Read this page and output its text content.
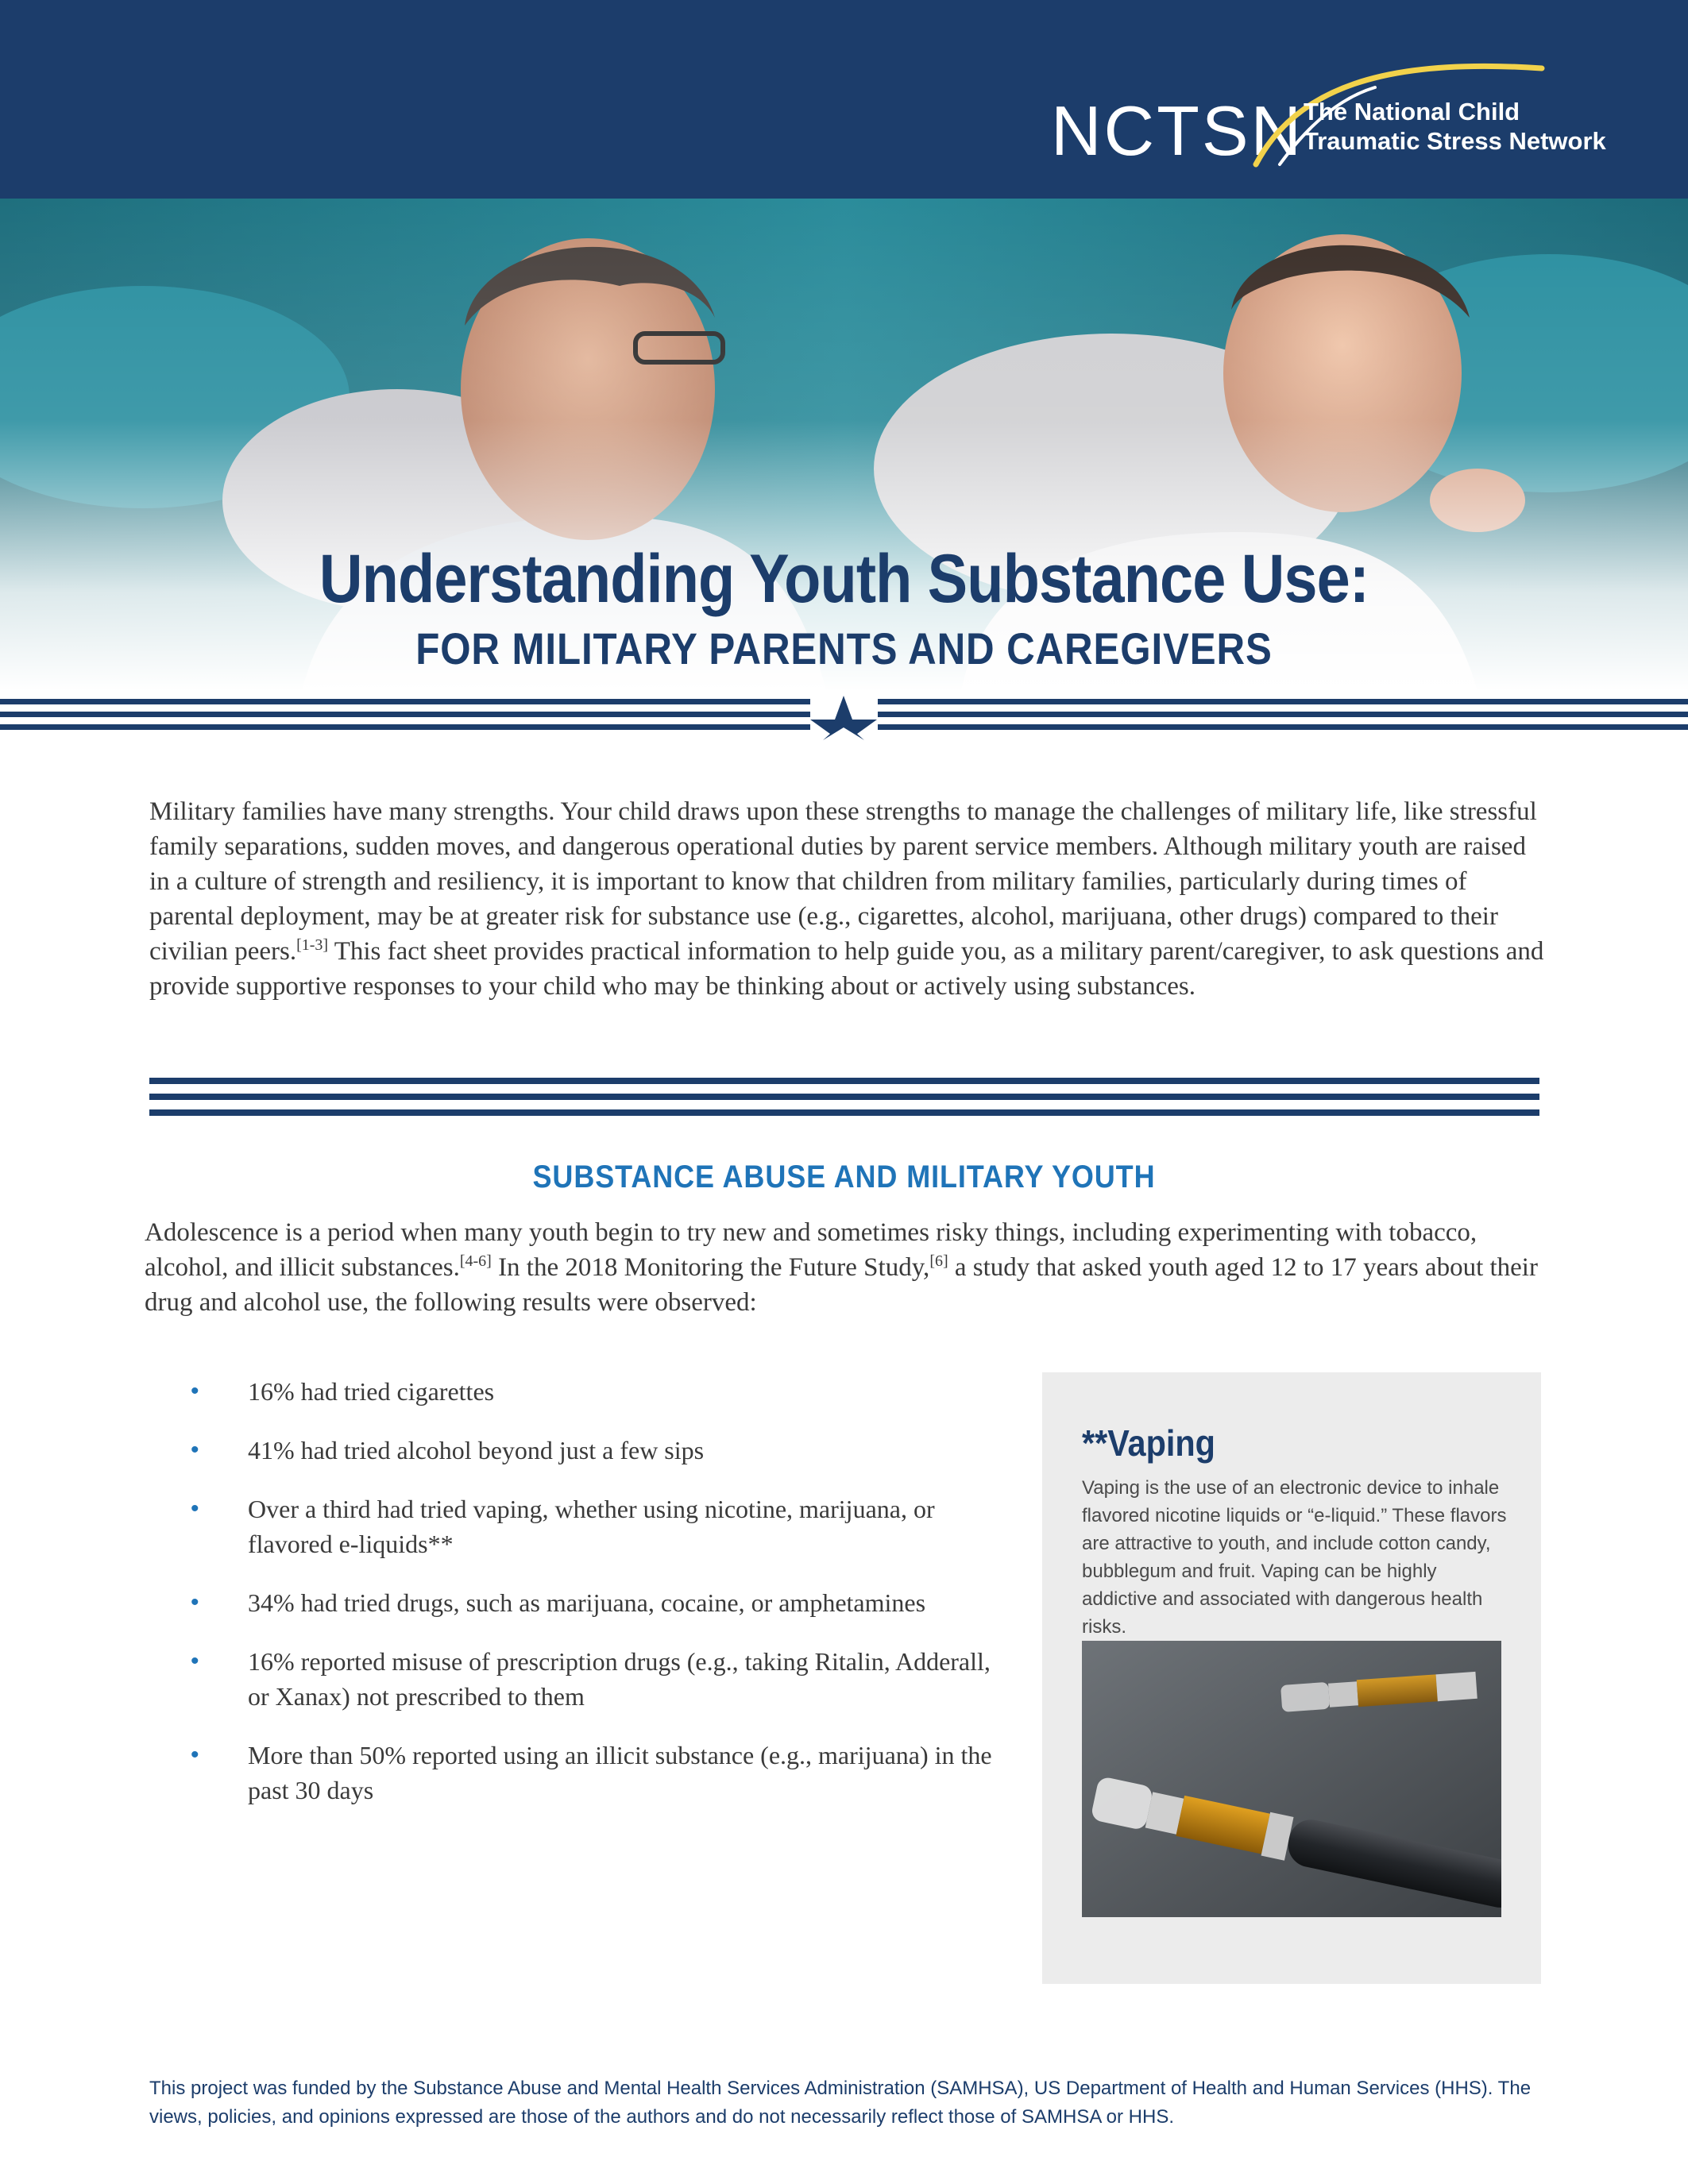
NCTSN The National Child
Traumatic Stress Network
Understanding Youth Substance Use:
FOR MILITARY PARENTS AND CAREGIVERS
Military families have many strengths. Your child draws upon these strengths to manage the challenges of military life, like stressful family separations, sudden moves, and dangerous operational duties by parent service members. Although military youth are raised in a culture of strength and resiliency, it is important to know that children from military families, particularly during times of parental deployment, may be at greater risk for substance use (e.g., cigarettes, alcohol, marijuana, other drugs) compared to their civilian peers.[1-3] This fact sheet provides practical information to help guide you, as a military parent/caregiver, to ask questions and provide supportive responses to your child who may be thinking about or actively using substances.
SUBSTANCE ABUSE AND MILITARY YOUTH
Adolescence is a period when many youth begin to try new and sometimes risky things, including experimenting with tobacco, alcohol, and illicit substances.[4-6] In the 2018 Monitoring the Future Study,[6] a study that asked youth aged 12 to 17 years about their drug and alcohol use, the following results were observed:
• 16% had tried cigarettes
• 41% had tried alcohol beyond just a few sips
• Over a third had tried vaping, whether using nicotine, marijuana, or flavored e-liquids**
• 34% had tried drugs, such as marijuana, cocaine, or amphetamines
• 16% reported misuse of prescription drugs (e.g., taking Ritalin, Adderall, or Xanax) not prescribed to them
• More than 50% reported using an illicit substance (e.g., marijuana) in the past 30 days
**Vaping
Vaping is the use of an electronic device to inhale flavored nicotine liquids or “e-liquid.” These flavors are attractive to youth, and include cotton candy, bubblegum and fruit. Vaping can be highly addictive and associated with dangerous health risks.
This project was funded by the Substance Abuse and Mental Health Services Administration (SAMHSA), US Department of Health and Human Services (HHS). The views, policies, and opinions expressed are those of the authors and do not necessarily reflect those of SAMHSA or HHS.
